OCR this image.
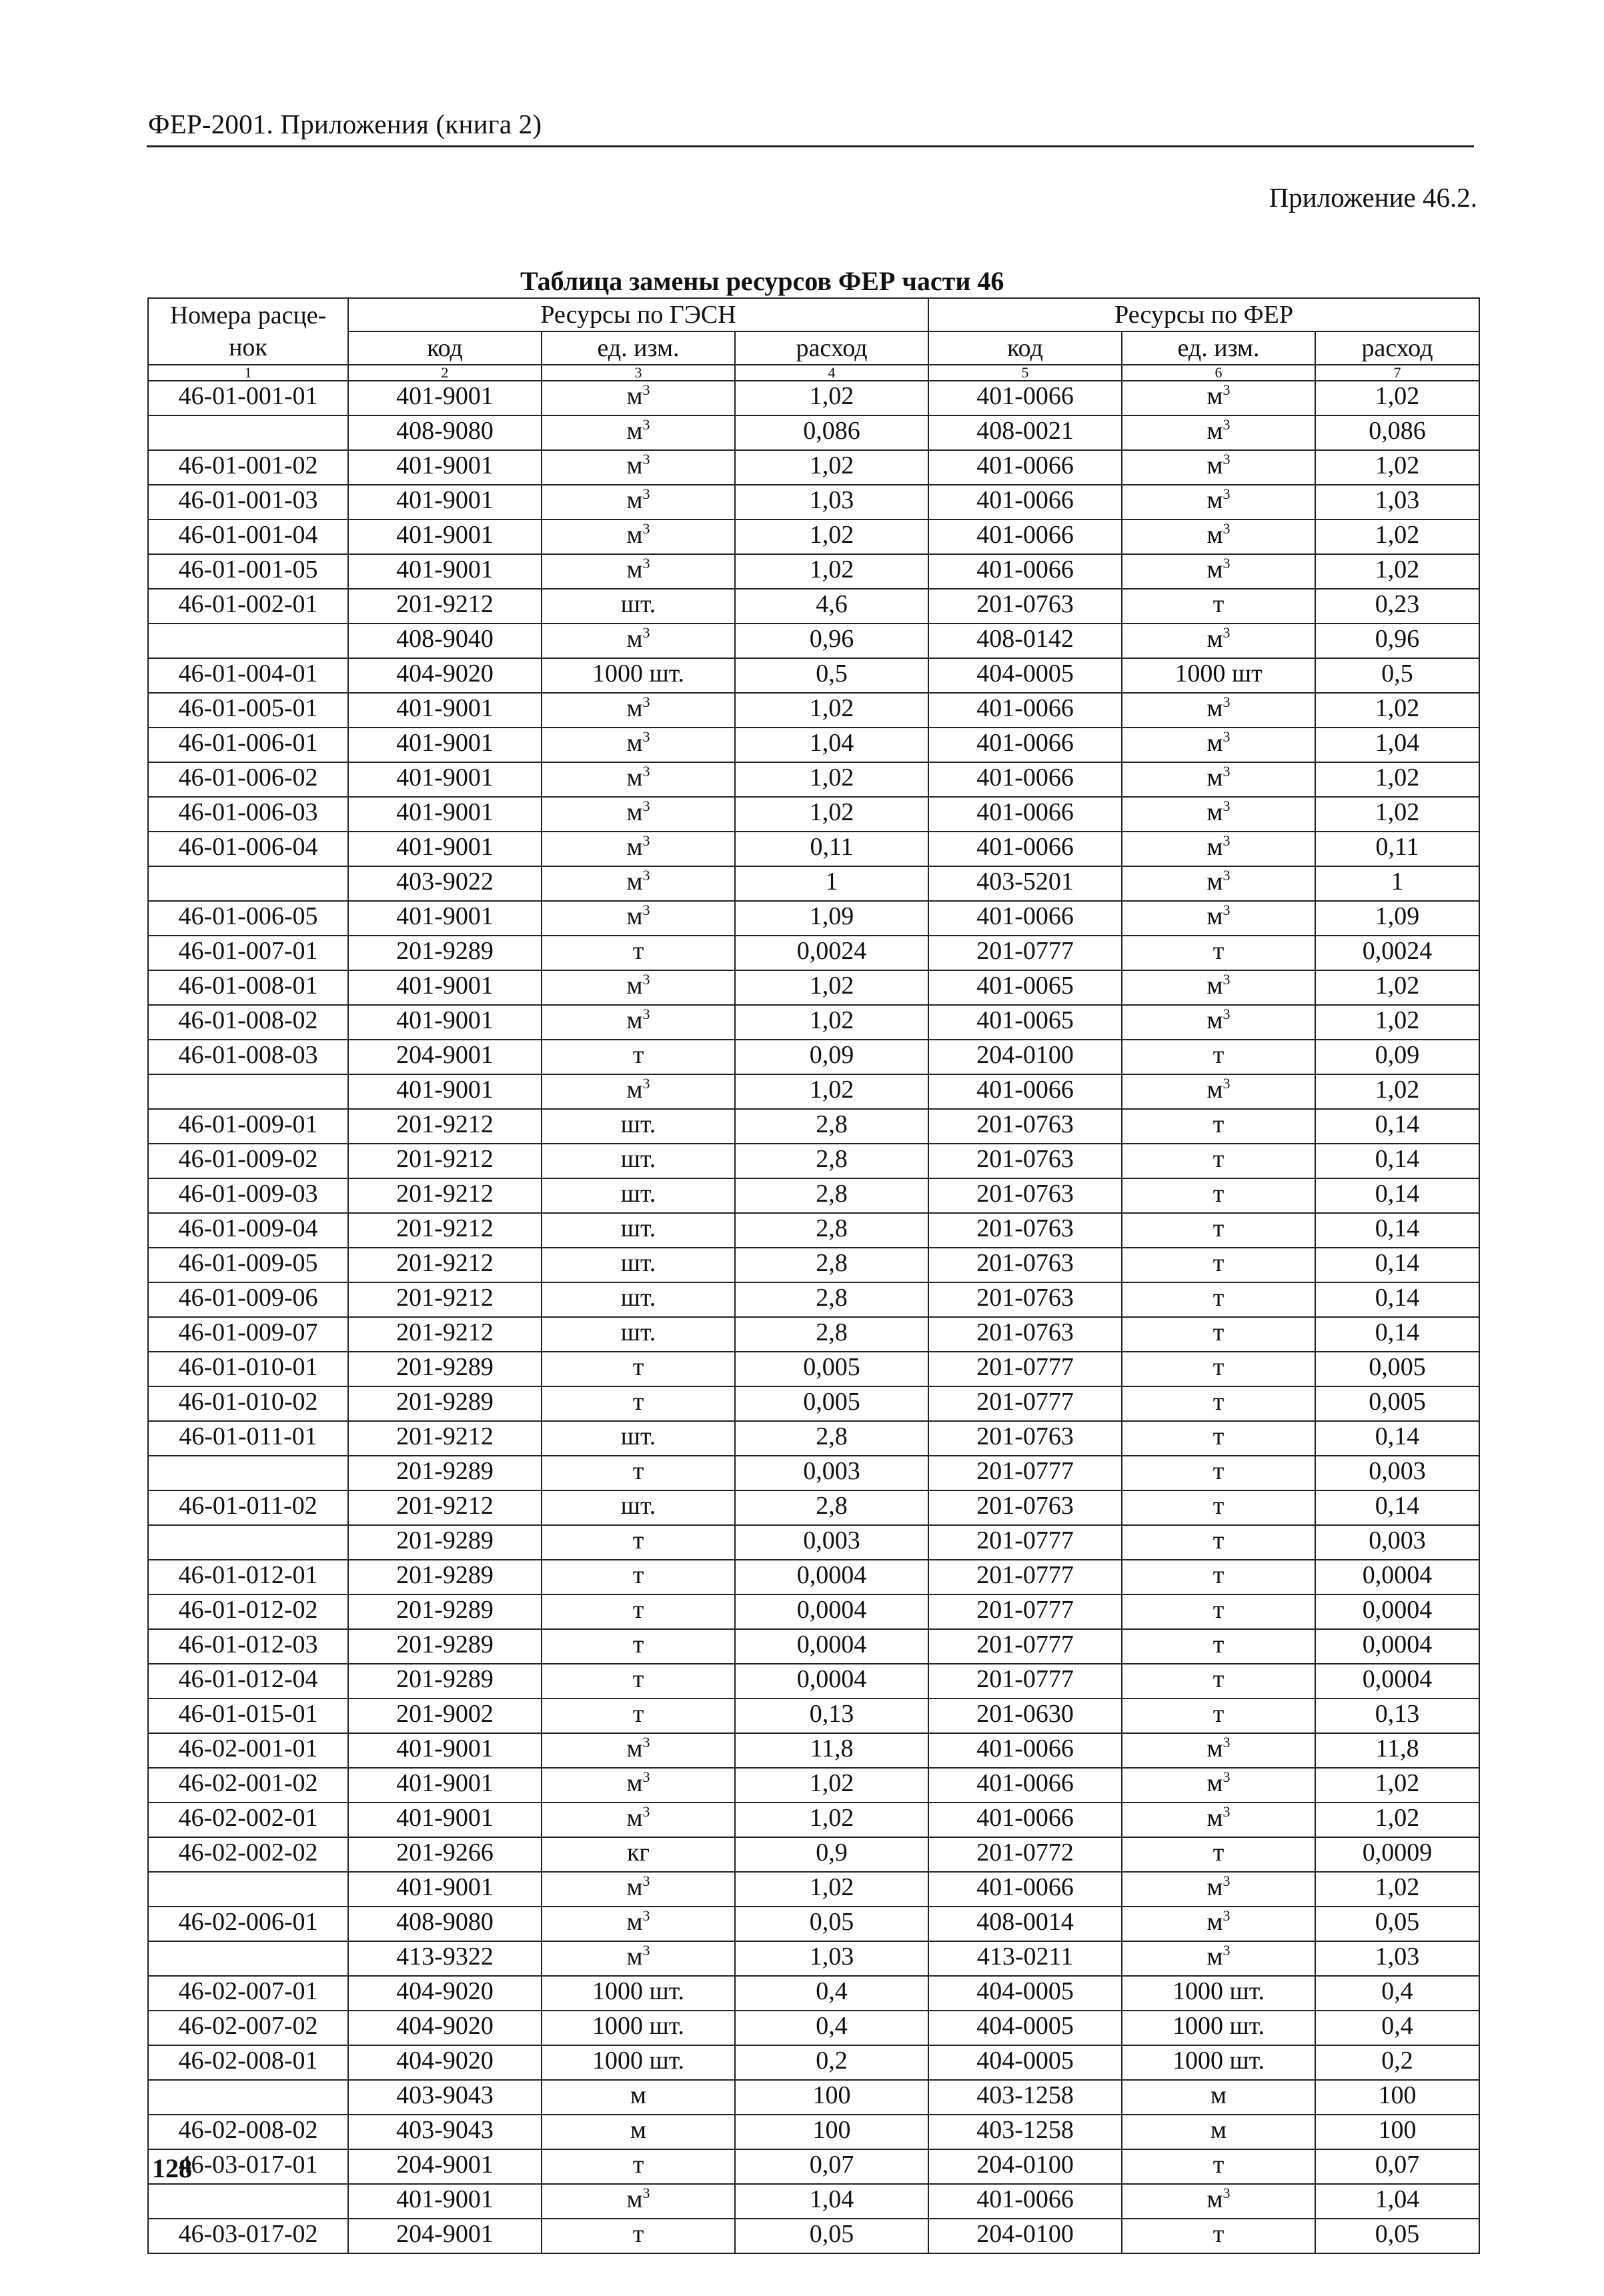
ФЕР-2001. Приложения (книга 2)
Приложение 46.2.
Таблица замены ресурсов ФЕР части 46
Номера расце-нок	Ресурсы по ГЭСН			Ресурсы по ФЕР		
	код	ед. изм.	расход	код	ед. изм.	расход
1	2	3	4	5	6	7
46-01-001-01	401-9001	$м^3$	1,02	401-0066	$м^3$	1,02
	408-9080	$м^3$	0,086	408-0021	$м^3$	0,086
46-01-001-02	401-9001	$м^3$	1,02	401-0066	$м^3$	1,02
46-01-001-03	401-9001	$м^3$	1,03	401-0066	$м^3$	1,03
46-01-001-04	401-9001	$м^3$	1,02	401-0066	$м^3$	1,02
46-01-001-05	401-9001	$м^3$	1,02	401-0066	$м^3$	1,02
46-01-002-01	201-9212	шт.	4,6	201-0763	т	0,23
	408-9040	$м^3$	0,96	408-0142	$м^3$	0,96
46-01-004-01	404-9020	1000 шт.	0,5	404-0005	1000 шт	0,5
46-01-005-01	401-9001	$м^3$	1,02	401-0066	$м^3$	1,02
46-01-006-01	401-9001	$м^3$	1,04	401-0066	$м^3$	1,04
46-01-006-02	401-9001	$м^3$	1,02	401-0066	$м^3$	1,02
46-01-006-03	401-9001	$м^3$	1,02	401-0066	$м^3$	1,02
46-01-006-04	401-9001	$м^3$	0,11	401-0066	$м^3$	0,11
	403-9022	$м^3$	1	403-5201	$м^3$	1
46-01-006-05	401-9001	$м^3$	1,09	401-0066	$м^3$	1,09
46-01-007-01	201-9289	т	0,0024	201-0777	т	0,0024
46-01-008-01	401-9001	$м^3$	1,02	401-0065	$м^3$	1,02
46-01-008-02	401-9001	$м^3$	1,02	401-0065	$м^3$	1,02
46-01-008-03	204-9001	т	0,09	204-0100	т	0,09
	401-9001	$м^3$	1,02	401-0066	$м^3$	1,02
46-01-009-01	201-9212	шт.	2,8	201-0763	т	0,14
46-01-009-02	201-9212	шт.	2,8	201-0763	т	0,14
46-01-009-03	201-9212	шт.	2,8	201-0763	т	0,14
46-01-009-04	201-9212	шт.	2,8	201-0763	т	0,14
46-01-009-05	201-9212	шт.	2,8	201-0763	т	0,14
46-01-009-06	201-9212	шт.	2,8	201-0763	т	0,14
46-01-009-07	201-9212	шт.	2,8	201-0763	т	0,14
46-01-010-01	201-9289	т	0,005	201-0777	т	0,005
46-01-010-02	201-9289	т	0,005	201-0777	т	0,005
46-01-011-01	201-9212	шт.	2,8	201-0763	т	0,14
	201-9289	т	0,003	201-0777	т	0,003
46-01-011-02	201-9212	шт.	2,8	201-0763	т	0,14
	201-9289	т	0,003	201-0777	т	0,003
46-01-012-01	201-9289	т	0,0004	201-0777	т	0,0004
46-01-012-02	201-9289	т	0,0004	201-0777	т	0,0004
46-01-012-03	201-9289	т	0,0004	201-0777	т	0,0004
46-01-012-04	201-9289	т	0,0004	201-0777	т	0,0004
46-01-015-01	201-9002	т	0,13	201-0630	т	0,13
46-02-001-01	401-9001	$м^3$	11,8	401-0066	$м^3$	11,8
46-02-001-02	401-9001	$м^3$	1,02	401-0066	$м^3$	1,02
46-02-002-01	401-9001	$м^3$	1,02	401-0066	$м^3$	1,02
46-02-002-02	201-9266	кг	0,9	201-0772	т	0,0009
	401-9001	$м^3$	1,02	401-0066	$м^3$	1,02
46-02-006-01	408-9080	$м^3$	0,05	408-0014	$м^3$	0,05
	413-9322	$м^3$	1,03	413-0211	$м^3$	1,03
46-02-007-01	404-9020	1000 шт.	0,4	404-0005	1000 шт.	0,4
46-02-007-02	404-9020	1000 шт.	0,4	404-0005	1000 шт.	0,4
46-02-008-01	404-9020	1000 шт.	0,2	404-0005	1000 шт.	0,2
	403-9043	м	100	403-1258	м	100
46-02-008-02	403-9043	м	100	403-1258	м	100
46-03-017-01	204-9001	т	0,07	204-0100	т	0,07
	401-9001	$м^3$	1,04	401-0066	$м^3$	1,04
46-03-017-02	204-9001	т	0,05	204-0100	т	0,05
128
